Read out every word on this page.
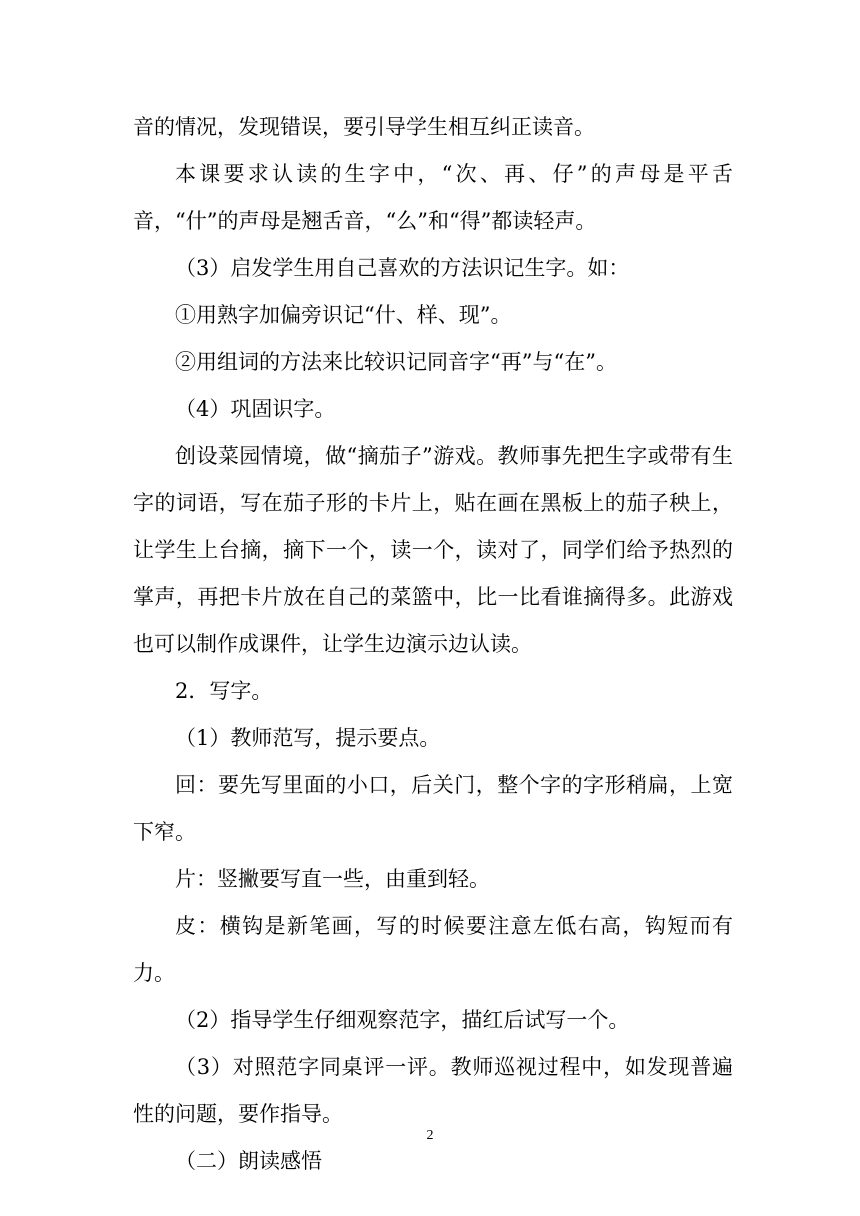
音的情况，发现错误，要引导学生相互纠正读音。

本课要求认读的生字中，“次、再、仔”的声母是平舌音，“什”的声母是翘舌音，“么”和“得”都读轻声。

（3）启发学生用自己喜欢的方法识记生字。如：

①用熟字加偏旁识记“什、样、现”。

②用组词的方法来比较识记同音字“再”与“在”。

（4）巩固识字。

创设菜园情境，做“摘茄子”游戏。教师事先把生字或带有生字的词语，写在茄子形的卡片上，贴在画在黑板上的茄子秧上，让学生上台摘，摘下一个，读一个，读对了，同学们给予热烈的掌声，再把卡片放在自己的菜篮中，比一比看谁摘得多。此游戏也可以制作成课件，让学生边演示边认读。

2．写字。

（1）教师范写，提示要点。

回：要先写里面的小口，后关门，整个字的字形稍扁，上宽下窄。

片：竖撇要写直一些，由重到轻。

皮：横钩是新笔画，写的时候要注意左低右高，钩短而有力。

（2）指导学生仔细观察范字，描红后试写一个。

（3）对照范字同桌评一评。教师巡视过程中，如发现普遍性的问题，要作指导。

（二）朗读感悟

2
